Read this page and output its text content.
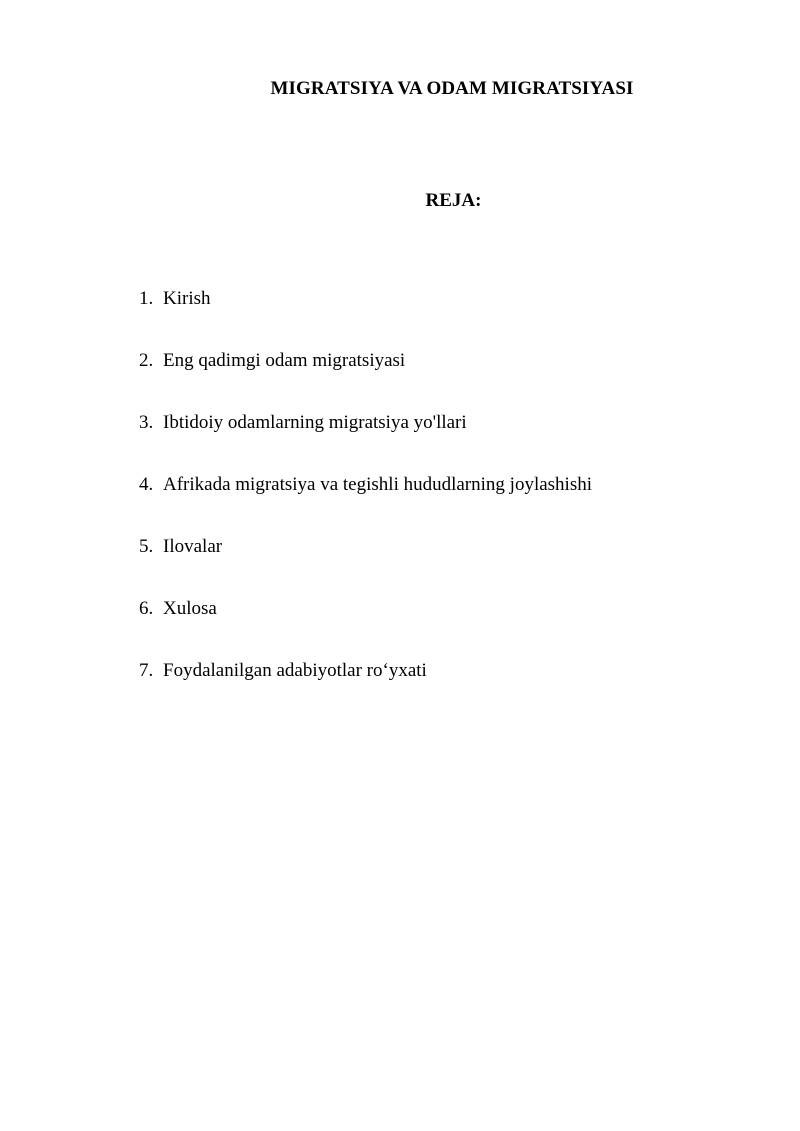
MIGRATSIYA VA ODAM MIGRATSIYASI
REJA:
1. Kirish
2. Eng qadimgi odam migratsiyasi
3. Ibtidoiy odamlarning migratsiya yo'llari
4. Afrikada migratsiya va tegishli hududlarning joylashishi
5. Ilovalar
6. Xulosa
7. Foydalanilgan adabiyotlar ro‘yxati
